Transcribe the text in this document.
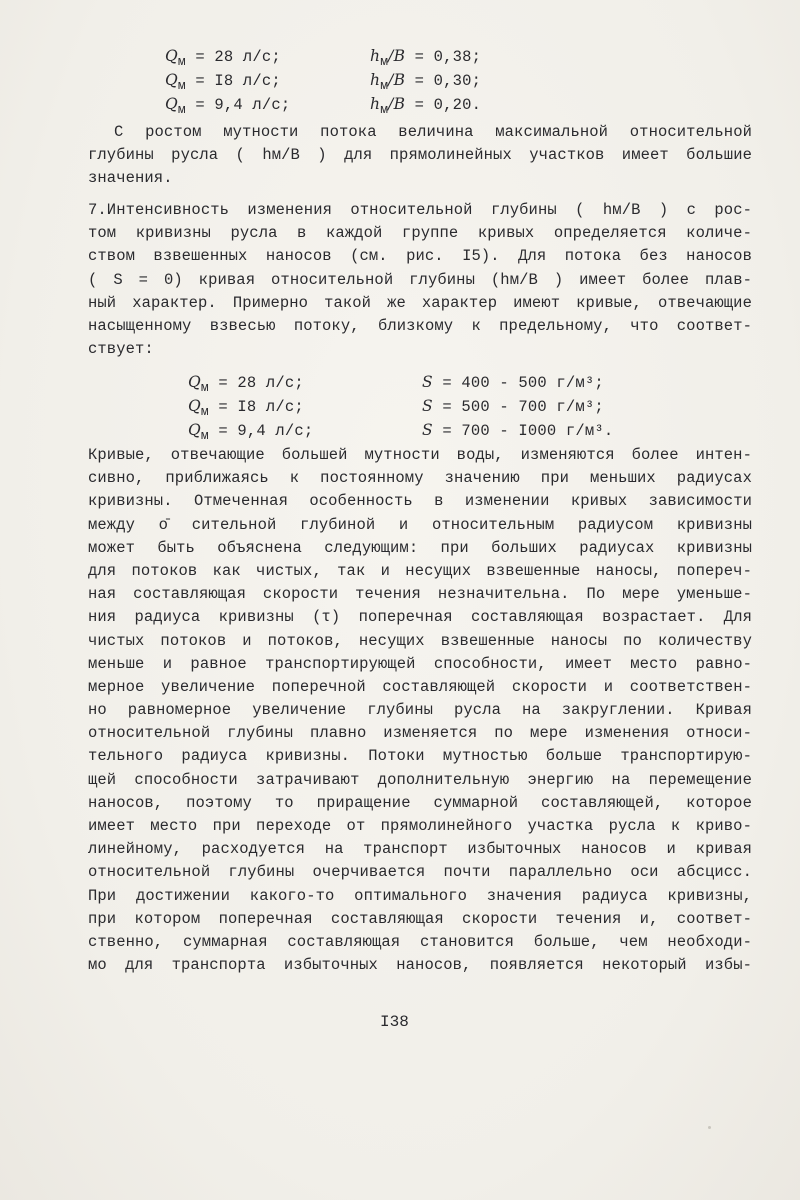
$Q_м = 28$ л/с;	$h_м/B = 0,38$;
$Q_м = I8$ л/с;	$h_м/B = 0,30$;
$Q_м = 9,4$ л/с;	$h_м/B = 0,20$.
С ростом мутности потока величина максимальной относительной
глубины русла ( hм/B ) для прямолинейных участков имеет большие
значения.
7.Интенсивность изменения относительной глубины ( hм/B ) с рос-
том кривизны русла в каждой группе кривых определяется количе-
ством взвешенных наносов (см. рис. I5). Для потока без наносов
( S = 0) кривая относительной глубины (hм/B ) имеет более плав-
ный характер. Примерно такой же характер имеют кривые, отвечающие
насыщенному взвесью потоку, близкому к предельному, что соответ-
ствует:
$Q_м = 28$ л/с;	S = 400 - 500 г/м³;
$Q_м = I8$ л/с;	S = 500 - 700 г/м³;
$Q_м = 9,4$ л/с;	S = 700 - I000 г/м³.
Кривые, отвечающие большей мутности воды, изменяются более интен-
сивно, приближаясь к постоянному значению при меньших радиусах
кривизны. Отмеченная особенность в изменении кривых зависимости
между о̄ сительной глубиной и относительным радиусом кривизны
может быть объяснена следующим: при больших радиусах кривизны
для потоков как чистых, так и несущих взвешенные наносы, попереч-
ная составляющая скорости течения незначительна. По мере уменьше-
ния радиуса кривизны (τ) поперечная составляющая возрастает. Для
чистых потоков и потоков, несущих взвешенные наносы по количеству
меньше и равное транспортирующей способности, имеет место равно-
мерное увеличение поперечной составляющей скорости и соответствен-
но равномерное увеличение глубины русла на закруглении. Кривая
относительной глубины плавно изменяется по мере изменения относи-
тельного радиуса кривизны. Потоки мутностью больше транспортирую-
щей способности затрачивают дополнительную энергию на перемещение
наносов, поэтому то приращение суммарной составляющей, которое
имеет место при переходе от прямолинейного участка русла к криво-
линейному, расходуется на транспорт избыточных наносов и кривая
относительной глубины очерчивается почти параллельно оси абсцисс.
При достижении какого-то оптимального значения радиуса кривизны,
при котором поперечная составляющая скорости течения и, соответ-
ственно, суммарная составляющая становится больше, чем необходи-
мо для транспорта избыточных наносов, появляется некоторый избы-
I38
